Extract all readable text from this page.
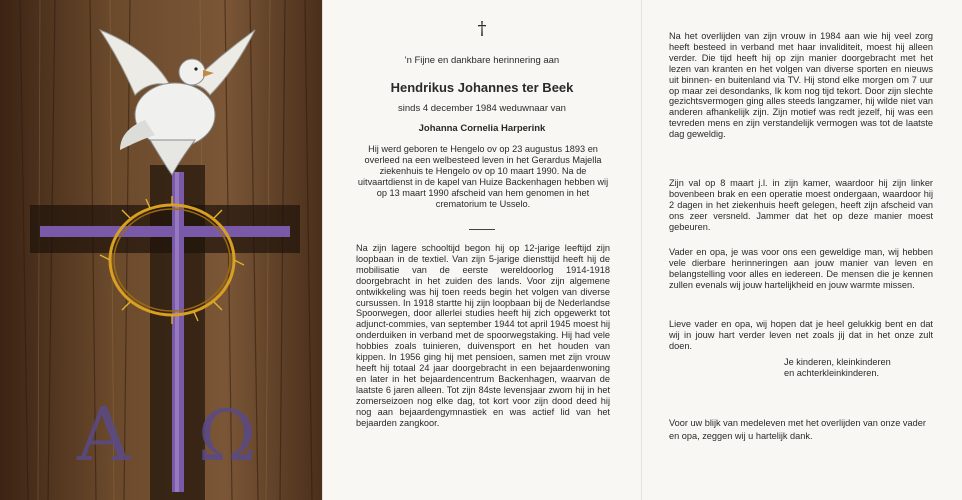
A Ω
†
'n Fijne en dankbare herinnering aan
Hendrikus Johannes ter Beek
sinds 4 december 1984 weduwnaar van
Johanna Cornelia Harperink
Hij werd geboren te Hengelo ov op 23 augustus 1893 en overleed na een welbesteed leven in het Gerardus Majella ziekenhuis te Hengelo ov op 10 maart 1990. Na de uitvaartdienst in de kapel van Huize Backenhagen hebben wij op 13 maart 1990 afscheid van hem genomen in het crematorium te Usselo.
Na zijn lagere schooltijd begon hij op 12-jarige leeftijd zijn loopbaan in de textiel. Van zijn 5-jarige diensttijd heeft hij de mobilisatie van de eerste wereldoorlog 1914-1918 doorgebracht in het zuiden des lands. Voor zijn algemene ontwikkeling was hij toen reeds begin het volgen van diverse cursussen. In 1918 startte hij zijn loopbaan bij de Nederlandse Spoorwegen, door allerlei studies heeft hij zich opgewerkt tot adjunct-commies, van september 1944 tot april 1945 moest hij onderduiken in verband met de spoorwegstaking. Hij had vele hobbies zoals tuinieren, duivensport en het houden van kippen. In 1956 ging hij met pensioen, samen met zijn vrouw heeft hij totaal 24 jaar doorgebracht in een bejaardenwoning en later in het bejaardencentrum Backenhagen, waarvan de laatste 6 jaren alleen. Tot zijn 84ste levensjaar zwom hij in het zomerseizoen nog elke dag, tot kort voor zijn dood deed hij nog aan bejaardengymnastiek en was actief lid van het bejaarden zangkoor.
Na het overlijden van zijn vrouw in 1984 aan wie hij veel zorg heeft besteed in verband met haar invaliditeit, moest hij alleen verder. Die tijd heeft hij op zijn manier doorgebracht met het lezen van kranten en het volgen van diverse sporten en nieuws uit binnen- en buitenland via TV. Hij stond elke morgen om 7 uur op maar zei desondanks, Ik kom nog tijd tekort. Door zijn slechte gezichtsvermogen ging alles steeds langzamer, hij wilde niet van anderen afhankelijk zijn. Zijn motief was redt jezelf, hij was een tevreden mens en zijn verstandelijk vermogen was tot de laatste dag geweldig.
Zijn val op 8 maart j.l. in zijn kamer, waardoor hij zijn linker bovenbeen brak en een operatie moest ondergaan, waardoor hij 2 dagen in het ziekenhuis heeft gelegen, heeft zijn afscheid van ons zeer versneld. Jammer dat het op deze manier moest gebeuren.
Vader en opa, je was voor ons een geweldige man, wij hebben vele dierbare herinneringen aan jouw manier van leven en belangstelling voor alles en iedereen. De mensen die je kennen zullen evenals wij jouw hartelijkheid en jouw warmte missen.
Lieve vader en opa, wij hopen dat je heel gelukkig bent en dat wij in jouw hart verder leven net zoals jij dat in het onze zult doen.
Je kinderen, kleinkinderen
en achterkleinkinderen.
Voor uw blijk van medeleven met het overlijden van onze vader en opa, zeggen wij u hartelijk dank.
